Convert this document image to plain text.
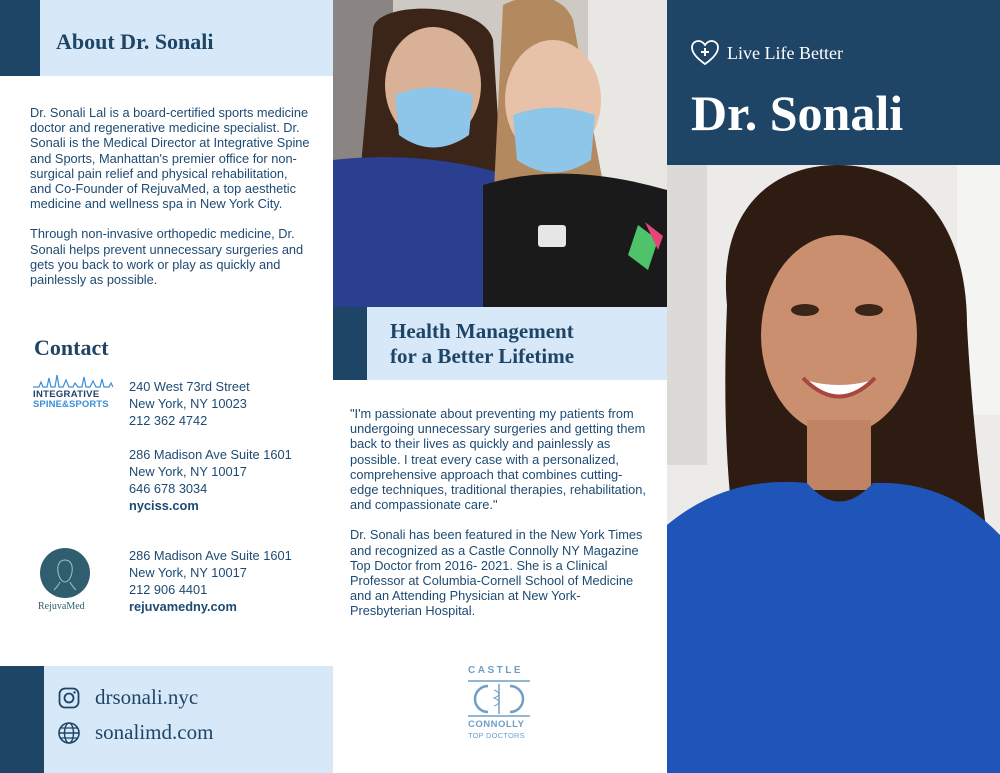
About Dr. Sonali

Dr. Sonali Lal is a board-certified sports medicine doctor and regenerative medicine specialist. Dr. Sonali is the Medical Director at Integrative Spine and Sports, Manhattan's premier office for non-surgical pain relief and physical rehabilitation, and Co-Founder of RejuvaMed, a top aesthetic medicine and wellness spa in New York City.

Through non-invasive orthopedic medicine, Dr. Sonali helps prevent unnecessary surgeries and gets you back to work or play as quickly and painlessly as possible.

Contact
INTEGRATIVE
SPINE&SPORTS
240 West 73rd Street
New York, NY 10023
212 362 4742
286 Madison Ave Suite 1601
New York, NY 10017
646 678 3034
nyciss.com
RejuvaMed
286 Madison Ave Suite 1601
New York, NY 10017
212 906 4401
rejuvamedny.com
drsonali.nyc
sonalimd.com
Health Management
for a Better Lifetime

"I'm passionate about preventing my patients from undergoing unnecessary surgeries and getting them back to their lives as quickly and painlessly as possible. I treat every case with a personalized, comprehensive approach that combines cutting-edge techniques, traditional therapies, rehabilitation, and compassionate care."

Dr. Sonali has been featured in the New York Times and recognized as a Castle Connolly NY Magazine Top Doctor from 2016- 2021. She is a Clinical Professor at Columbia-Cornell School of Medicine and an Attending Physician at New York-Presbyterian Hospital.

CASTLE
CONNOLLY
TOP DOCTORS
Live Life Better
Dr. Sonali
